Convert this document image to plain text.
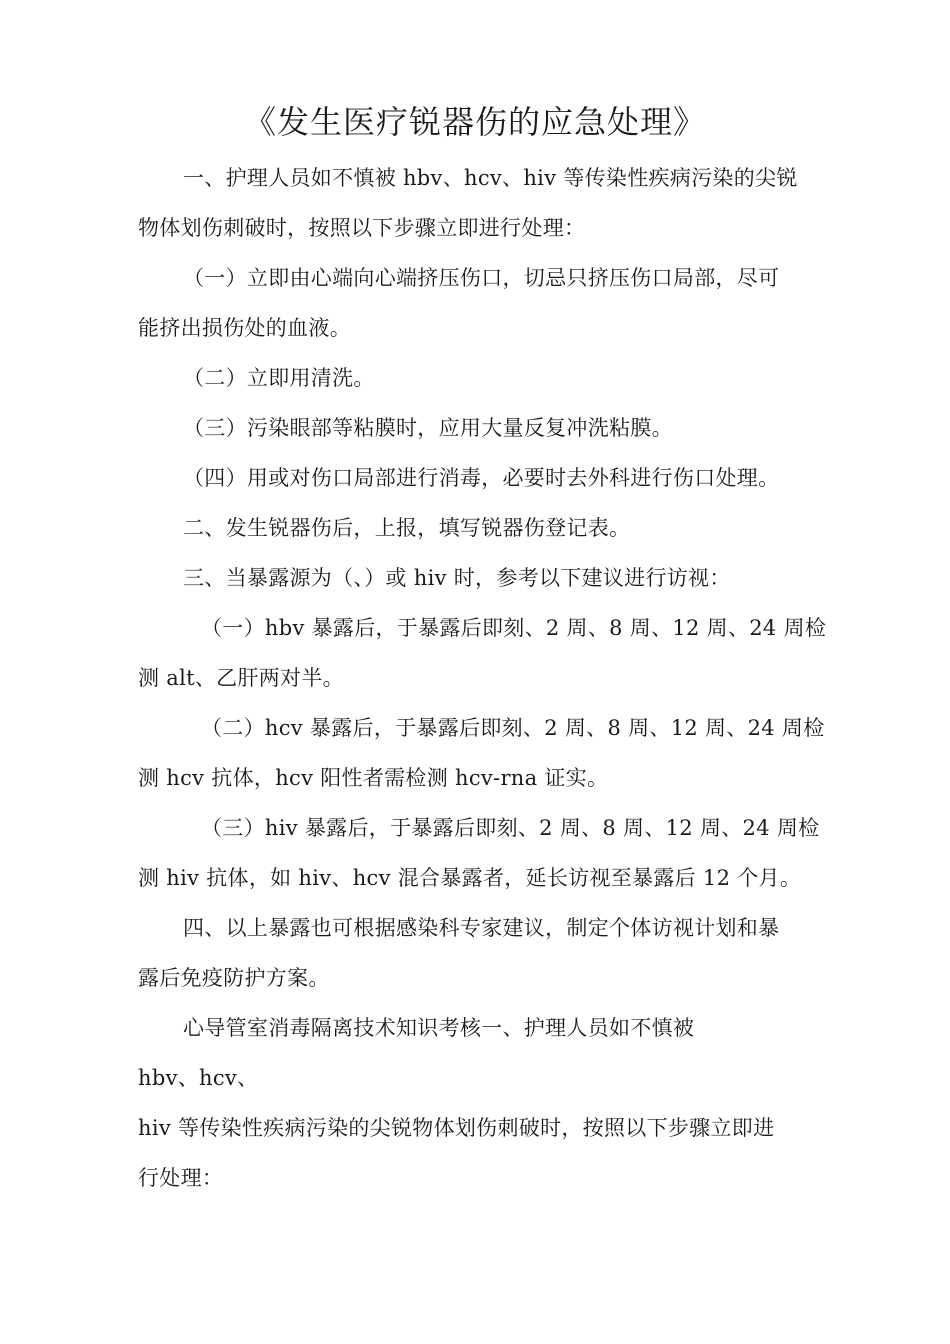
《发生医疗锐器伤的应急处理》
一、护理人员如不慎被 hbv、hcv、hiv 等传染性疾病污染的尖锐
物体划伤刺破时，按照以下步骤立即进行处理：
（一）立即由心端向心端挤压伤口，切忌只挤压伤口局部，尽可
能挤出损伤处的血液。
（二）立即用清洗。
（三）污染眼部等粘膜时，应用大量反复冲洗粘膜。
（四）用或对伤口局部进行消毒，必要时去外科进行伤口处理。
二、发生锐器伤后，上报，填写锐器伤登记表。
三、当暴露源为（、）或 hiv 时，参考以下建议进行访视：
（一）hbv 暴露后，于暴露后即刻、2 周、8 周、12 周、24 周检
测 alt、乙肝两对半。
（二）hcv 暴露后，于暴露后即刻、2 周、8 周、12 周、24 周检
测 hcv 抗体，hcv 阳性者需检测 hcv-rna 证实。
（三）hiv 暴露后，于暴露后即刻、2 周、8 周、12 周、24 周检
测 hiv 抗体，如 hiv、hcv 混合暴露者，延长访视至暴露后 12 个月。
四、以上暴露也可根据感染科专家建议，制定个体访视计划和暴
露后免疫防护方案。
心导管室消毒隔离技术知识考核一、护理人员如不慎被
hbv、hcv、
hiv 等传染性疾病污染的尖锐物体划伤刺破时，按照以下步骤立即进
行处理：
